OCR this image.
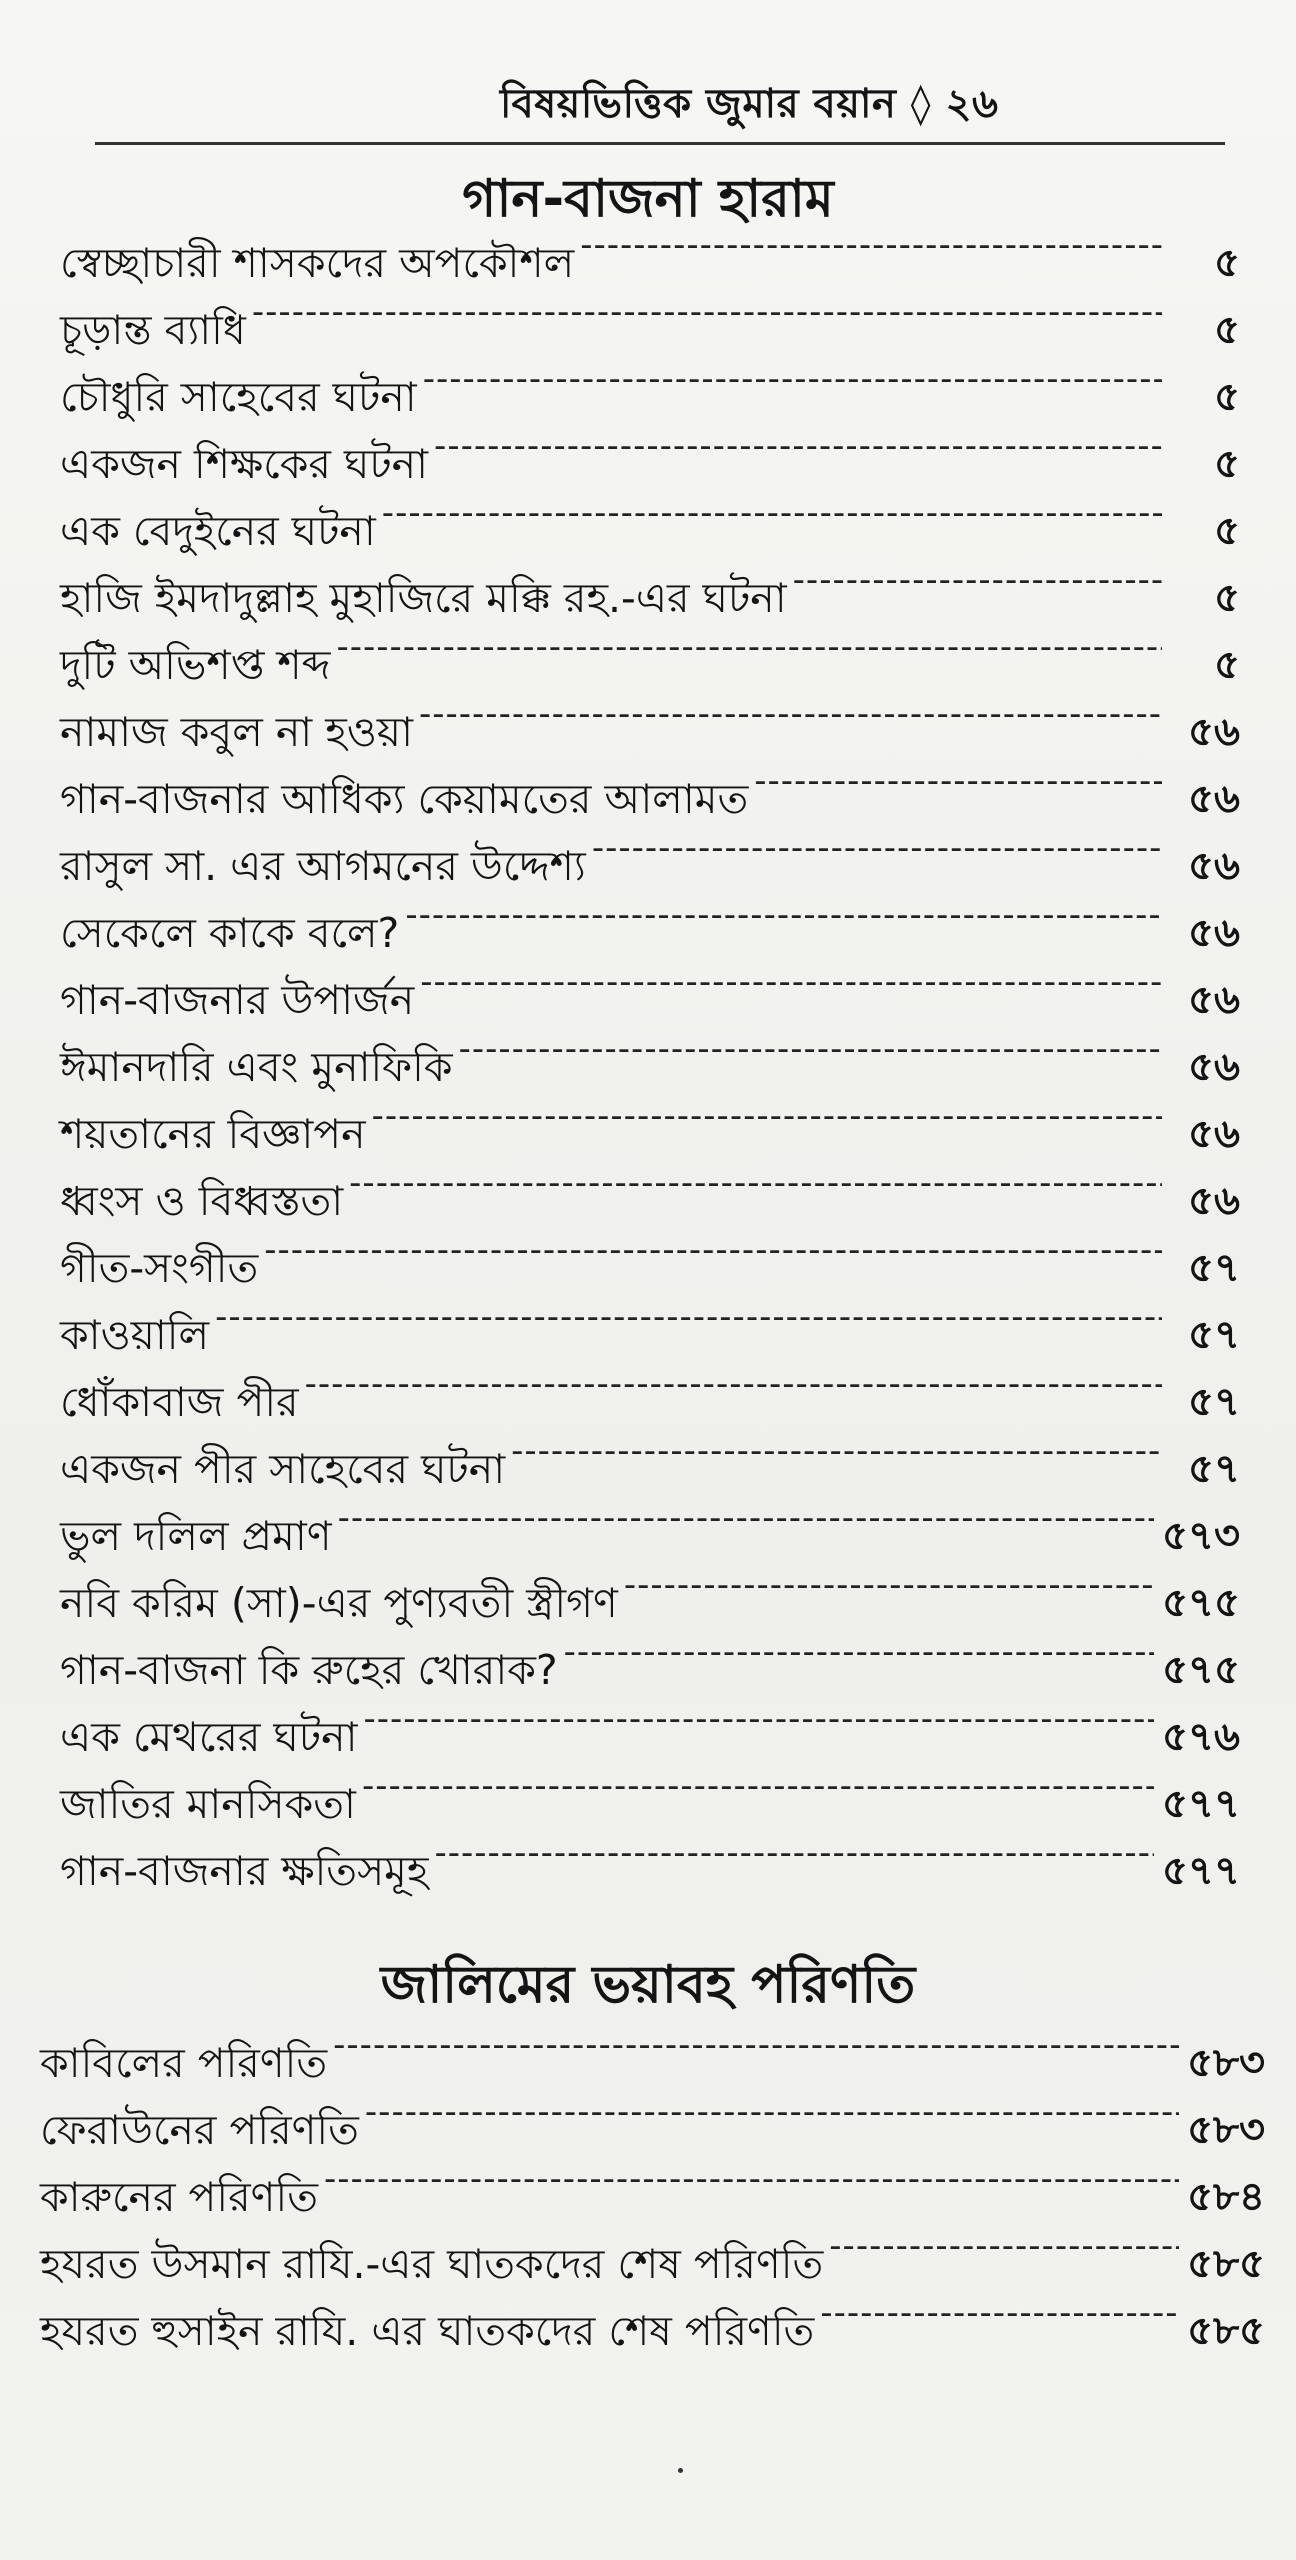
বিষয়ভিত্তিক জুমার বয়ান ◊ ২৬
গান-বাজনা হারাম
স্বেচ্ছাচারী শাসকদের অপকৌশল -----	৫
চূড়ান্ত ব্যাধি -----	৫
চৌধুরি সাহেবের ঘটনা -----	৫
একজন শিক্ষকের ঘটনা -----	৫
এক বেদুইনের ঘটনা -----	৫
হাজি ইমদাদুল্লাহ মুহাজিরে মক্কি রহ.-এর ঘটনা -----	৫
দুটি অভিশপ্ত শব্দ -----	৫
নামাজ কবুল না হওয়া -----	৫৬
গান-বাজনার আধিক্য কেয়ামতের আলামত -----	৫৬
রাসুল সা. এর আগমনের উদ্দেশ্য -----	৫৬
সেকেলে কাকে বলে? -----	৫৬
গান-বাজনার উপার্জন -----	৫৬
ঈমানদারি এবং মুনাফিকি -----	৫৬
শয়তানের বিজ্ঞাপন -----	৫৬
ধ্বংস ও বিধ্বস্ততা -----	৫৬
গীত-সংগীত -----	৫৭
কাওয়ালি -----	৫৭
ধোঁকাবাজ পীর -----	৫৭
একজন পীর সাহেবের ঘটনা -----	৫৭
ভুল দলিল প্রমাণ -----	৫৭৩
নবি করিম (সা)-এর পুণ্যবতী স্ত্রীগণ -----	৫৭৫
গান-বাজনা কি রুহের খোরাক? -----	৫৭৫
এক মেথরের ঘটনা -----	৫৭৬
জাতির মানসিকতা -----	৫৭৭
গান-বাজনার ক্ষতিসমূহ -----	৫৭৭
জালিমের ভয়াবহ পরিণতি
কাবিলের পরিণতি -----	৫৮৩
ফেরাউনের পরিণতি -----	৫৮৩
কারুনের পরিণতি -----	৫৮৪
হযরত উসমান রাযি.-এর ঘাতকদের শেষ পরিণতি -----	৫৮৫
হযরত হুসাইন রাযি. এর ঘাতকদের শেষ পরিণতি -----	৫৮৫
